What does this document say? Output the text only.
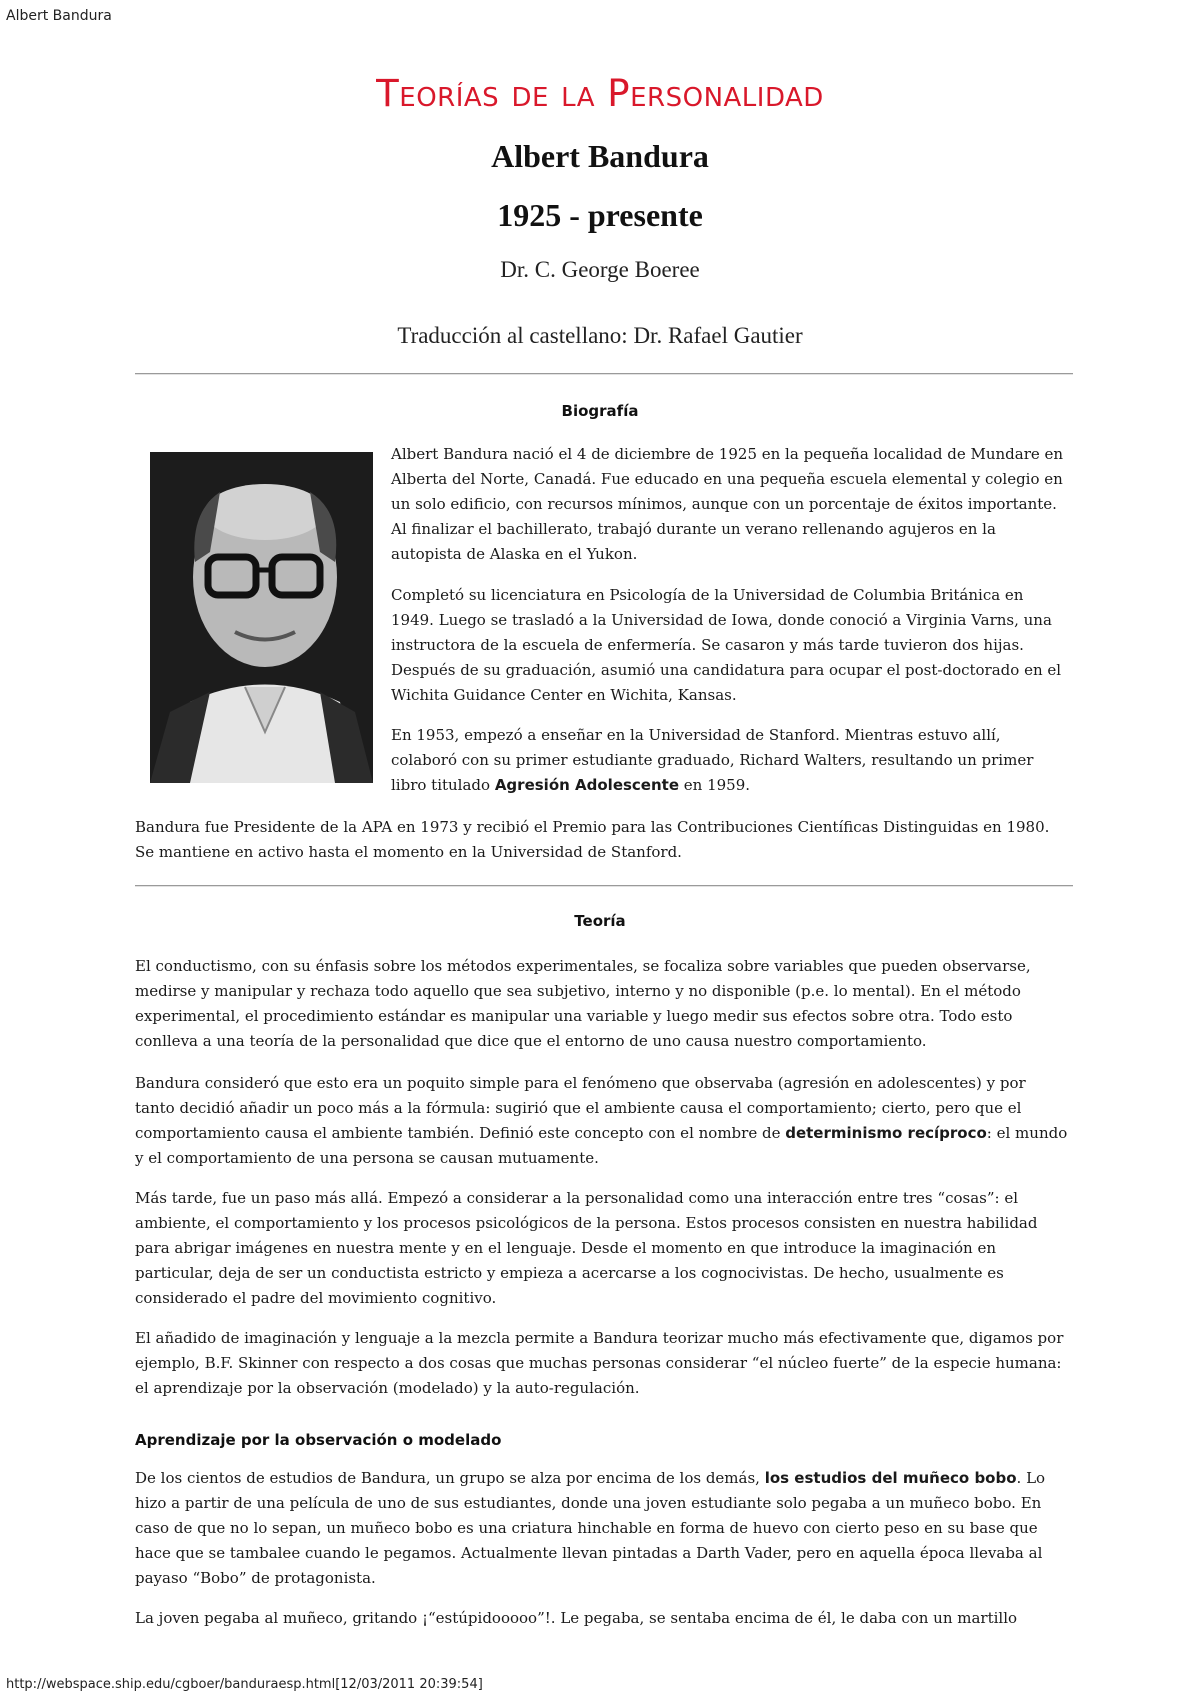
Albert Bandura
Teorías de la Personalidad
Albert Bandura
1925 - presente
Dr. C. George Boeree
Traducción al castellano: Dr. Rafael Gautier
Biografía

Albert Bandura nació el 4 de diciembre de 1925 en la pequeña localidad de Mundare en Alberta del Norte, Canadá. Fue educado en una pequeña escuela elemental y colegio en un solo edificio, con recursos mínimos, aunque con un porcentaje de éxitos importante. Al finalizar el bachillerato, trabajó durante un verano rellenando agujeros en la autopista de Alaska en el Yukon.

Completó su licenciatura en Psicología de la Universidad de Columbia Británica en 1949. Luego se trasladó a la Universidad de Iowa, donde conoció a Virginia Varns, una instructora de la escuela de enfermería. Se casaron y más tarde tuvieron dos hijas. Después de su graduación, asumió una candidatura para ocupar el post-doctorado en el Wichita Guidance Center en Wichita, Kansas.

En 1953, empezó a enseñar en la Universidad de Stanford. Mientras estuvo allí, colaboró con su primer estudiante graduado, Richard Walters, resultando un primer libro titulado Agresión Adolescente en 1959.

Bandura fue Presidente de la APA en 1973 y recibió el Premio para las Contribuciones Científicas Distinguidas en 1980. Se mantiene en activo hasta el momento en la Universidad de Stanford.

Teoría

El conductismo, con su énfasis sobre los métodos experimentales, se focaliza sobre variables que pueden observarse, medirse y manipular y rechaza todo aquello que sea subjetivo, interno y no disponible (p.e. lo mental). En el método experimental, el procedimiento estándar es manipular una variable y luego medir sus efectos sobre otra. Todo esto conlleva a una teoría de la personalidad que dice que el entorno de uno causa nuestro comportamiento.

Bandura consideró que esto era un poquito simple para el fenómeno que observaba (agresión en adolescentes) y por tanto decidió añadir un poco más a la fórmula: sugirió que el ambiente causa el comportamiento; cierto, pero que el comportamiento causa el ambiente también. Definió este concepto con el nombre de determinismo recíproco: el mundo y el comportamiento de una persona se causan mutuamente.

Más tarde, fue un paso más allá. Empezó a considerar a la personalidad como una interacción entre tres “cosas”: el ambiente, el comportamiento y los procesos psicológicos de la persona. Estos procesos consisten en nuestra habilidad para abrigar imágenes en nuestra mente y en el lenguaje. Desde el momento en que introduce la imaginación en particular, deja de ser un conductista estricto y empieza a acercarse a los cognocivistas. De hecho, usualmente es considerado el padre del movimiento cognitivo.

El añadido de imaginación y lenguaje a la mezcla permite a Bandura teorizar mucho más efectivamente que, digamos por ejemplo, B.F. Skinner con respecto a dos cosas que muchas personas considerar “el núcleo fuerte” de la especie humana: el aprendizaje por la observación (modelado) y la auto-regulación.

Aprendizaje por la observación o modelado

De los cientos de estudios de Bandura, un grupo se alza por encima de los demás, los estudios del muñeco bobo. Lo hizo a partir de una película de uno de sus estudiantes, donde una joven estudiante solo pegaba a un muñeco bobo. En caso de que no lo sepan, un muñeco bobo es una criatura hinchable en forma de huevo con cierto peso en su base que hace que se tambalee cuando le pegamos. Actualmente llevan pintadas a Darth Vader, pero en aquella época llevaba al payaso “Bobo” de protagonista.

La joven pegaba al muñeco, gritando ¡“estúpidooooo”!. Le pegaba, se sentaba encima de él, le daba con un martillo

http://webspace.ship.edu/cgboer/banduraesp.html[12/03/2011 20:39:54]
